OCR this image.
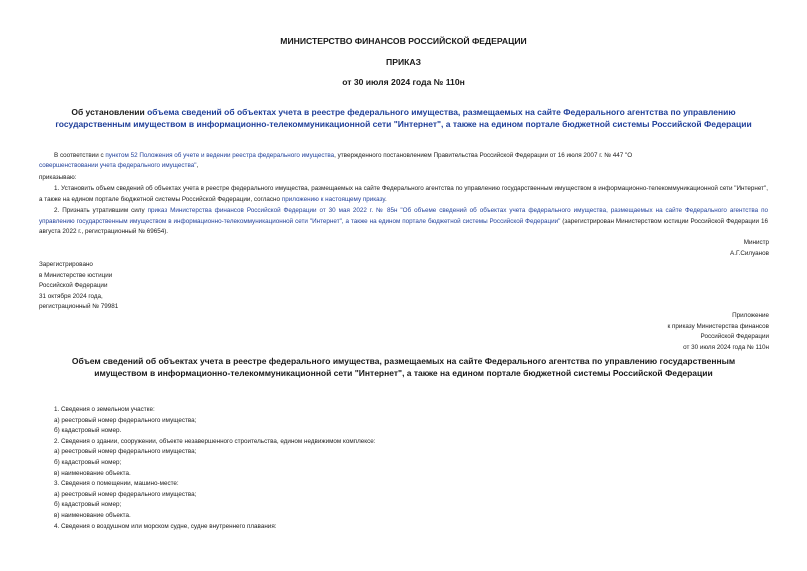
МИНИСТЕРСТВО ФИНАНСОВ РОССИЙСКОЙ ФЕДЕРАЦИИ
ПРИКАЗ
от 30 июля 2024 года № 110н
Об установлении объема сведений об объектах учета в реестре федерального имущества, размещаемых на сайте Федерального агентства по управлению государственным имуществом в информационно-телекоммуникационной сети "Интернет", а также на едином портале бюджетной системы Российской Федерации
В соответствии с пунктом 52 Положения об учете и ведении реестра федерального имущества, утвержденного постановлением Правительства Российской Федерации от 16 июля 2007 г. № 447 "О
совершенствовании учета федерального имущества",
приказываю:
1. Установить объем сведений об объектах учета в реестре федерального имущества, размещаемых на сайте Федерального агентства по управлению государственным имуществом в информационно-телекоммуникационной сети "Интернет", а также на едином портале бюджетной системы Российской Федерации, согласно приложению к настоящему приказу.
2. Признать утратившим силу приказ Министерства финансов Российской Федерации от 30 мая 2022 г. № 85н "Об объеме сведений об объектах учета федерального имущества, размещаемых на сайте Федерального агентства по управлению государственным имуществом в информационно-телекоммуникационной сети "Интернет", а также на едином портале бюджетной системы Российской Федерации" (зарегистрирован Министерством юстиции Российской Федерации 16 августа 2022 г., регистрационный № 69654).
Министр
А.Г.Силуанов
Зарегистрировано
в Министерстве юстиции
Российской Федерации
31 октября 2024 года,
регистрационный № 79981
Приложение
к приказу Министерства финансов
Российской Федерации
от 30 июля 2024 года № 110н
Объем сведений об объектах учета в реестре федерального имущества, размещаемых на сайте Федерального агентства по управлению государственным имуществом в информационно-телекоммуникационной сети "Интернет", а также на едином портале бюджетной системы Российской Федерации
1. Сведения о земельном участке:
а) реестровый номер федерального имущества;
б) кадастровый номер.
2. Сведения о здании, сооружении, объекте незавершенного строительства, едином недвижимом комплексе:
а) реестровый номер федерального имущества;
б) кадастровый номер;
в) наименование объекта.
3. Сведения о помещении, машино-месте:
а) реестровый номер федерального имущества;
б) кадастровый номер;
в) наименование объекта.
4. Сведения о воздушном или морском судне, судне внутреннего плавания:
